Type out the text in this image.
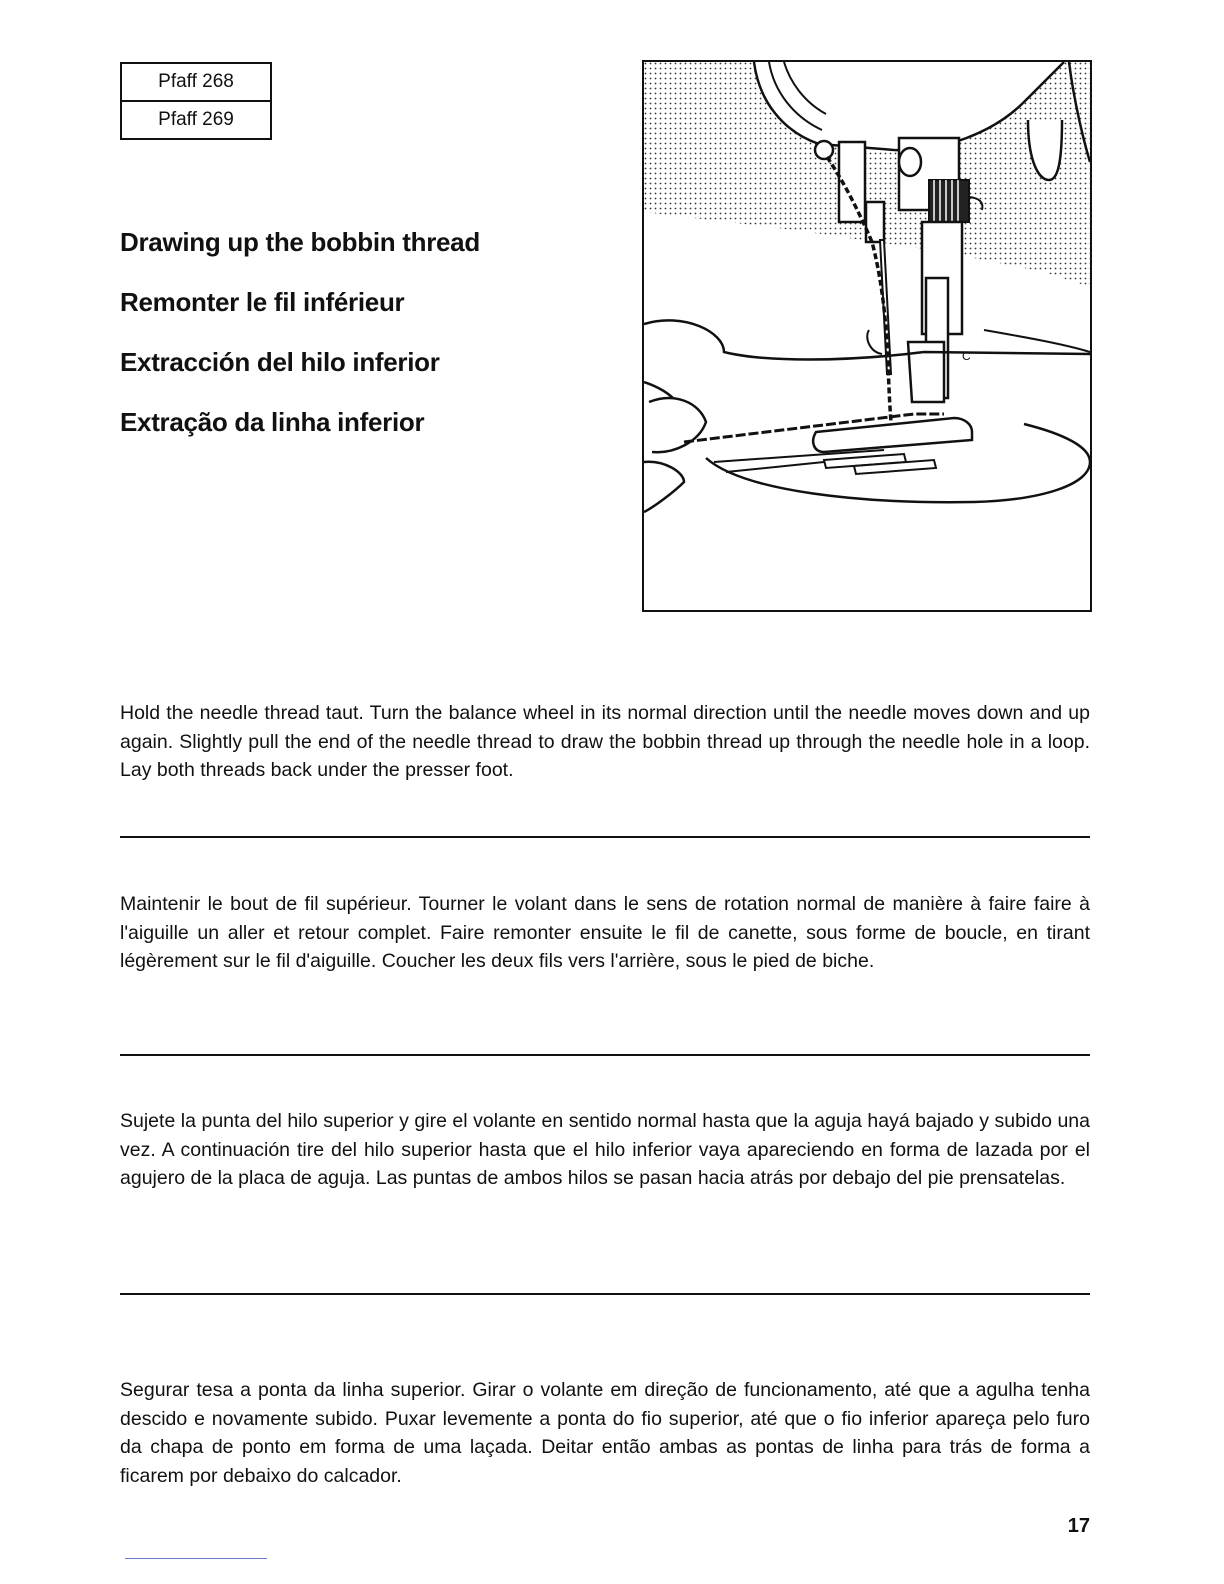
Pfaff 268
Pfaff 269
Drawing up the bobbin thread
Remonter le fil inférieur
Extracción del hilo inferior
Extração da linha inferior
C
Hold the needle thread taut. Turn the balance wheel in its normal direction until the needle moves down and up again. Slightly pull the end of the needle thread to draw the bobbin thread up through the needle hole in a loop. Lay both threads back under the presser foot.
Maintenir le bout de fil supérieur. Tourner le volant dans le sens de rotation normal de manière à faire faire à l'aiguille un aller et retour complet. Faire remonter ensuite le fil de canette, sous forme de boucle, en tirant légèrement sur le fil d'aiguille. Coucher les deux fils vers l'arrière, sous le pied de biche.
Sujete la punta del hilo superior y gire el volante en sentido normal hasta que la aguja hayá bajado y subido una vez. A continuación tire del hilo superior hasta que el hilo inferior vaya apareciendo en forma de lazada por el agujero de la placa de aguja. Las puntas de ambos hilos se pasan hacia atrás por debajo del pie prensatelas.
Segurar tesa a ponta da linha superior. Girar o volante em direção de funcionamento, até que a agulha tenha descido e novamente subido. Puxar levemente a ponta do fio superior, até que o fio inferior apareça pelo furo da chapa de ponto em forma de uma laçada. Deitar então ambas as pontas de linha para trás de forma a ficarem por debaixo do calcador.
17
